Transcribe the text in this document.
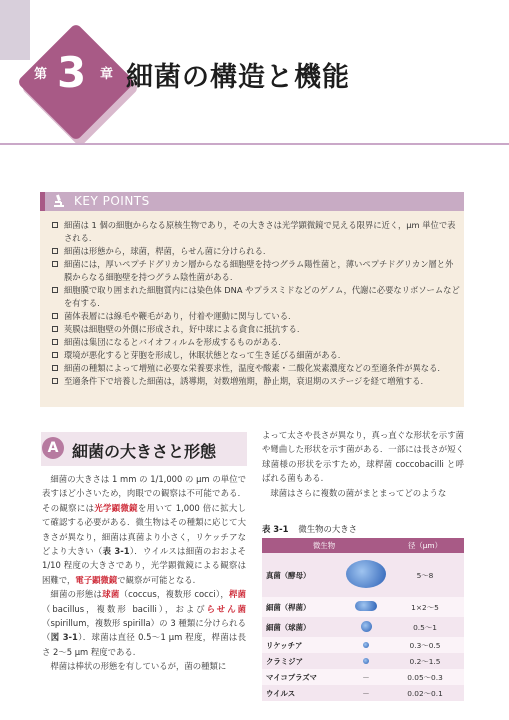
第 3 章 細菌の構造と機能
KEY POINTS
細菌は 1 個の細胞からなる原核生物であり，その大きさは光学顕微鏡で見える限界に近く，μm 単位で表される.
細菌は形態から，球菌，桿菌，らせん菌に分けられる.
細菌には，厚いペプチドグリカン層からなる細胞壁を持つグラム陽性菌と，薄いペプチドグリカン層と外膜からなる細胞壁を持つグラム陰性菌がある.
細胞膜で取り囲まれた細胞質内には染色体 DNA やプラスミドなどのゲノム，代謝に必要なリボソームなどを有する.
菌体表層には線毛や鞭毛があり，付着や運動に関与している.
莢膜は細胞壁の外側に形成され，好中球による貪食に抵抗する.
細菌は集団になるとバイオフィルムを形成するものがある.
環境が悪化すると芽胞を形成し，休眠状態となって生き延びる細菌がある.
細菌の種類によって増殖に必要な栄養要求性，温度や酸素・二酸化炭素濃度などの至適条件が異なる.
至適条件下で培養した細菌は，誘導期，対数増殖期，静止期，衰退期のステージを経て増殖する.
A 細菌の大きさと形態

細菌の大きさは 1 mm の 1/1,000 の μm の単位で表すほど小さいため，肉眼での観察は不可能である．その観察には光学顕微鏡を用いて 1,000 倍に拡大して確認する必要がある．微生物はその種類に応じて大きさが異なり，細菌は真菌より小さく，リケッチアなどより大きい（表 3-1）．ウイルスは細菌のおおよそ 1/10 程度の大きさであり，光学顕微鏡による観察は困難で，電子顕微鏡で観察が可能となる.

細菌の形態は球菌（coccus，複数形 cocci），桿菌（bacillus，複数形 bacilli），およびらせん菌（spirillum，複数形 spirilla）の 3 種類に分けられる（図 3-1）．球菌は直径 0.5〜1 μm 程度，桿菌は長さ 2〜5 μm 程度である.

桿菌は棒状の形態を有しているが，菌の種類に

よって太さや長さが異なり，真っ直ぐな形状を示す菌や彎曲した形状を示す菌がある．一部には長さが短く球菌様の形状を示すため，球桿菌 coccobacilli と呼ばれる菌もある.

球菌はさらに複数の菌がまとまってどのような

表 3-1 微生物の大きさ
微生物		径（μm）
真菌（酵母）		5〜8
細菌（桿菌）		1×2〜5
細菌（球菌）		0.5〜1
リケッチア		0.3〜0.5
クラミジア		0.2〜1.5
マイコプラズマ	－	0.05〜0.3
ウイルス	－	0.02〜0.1
